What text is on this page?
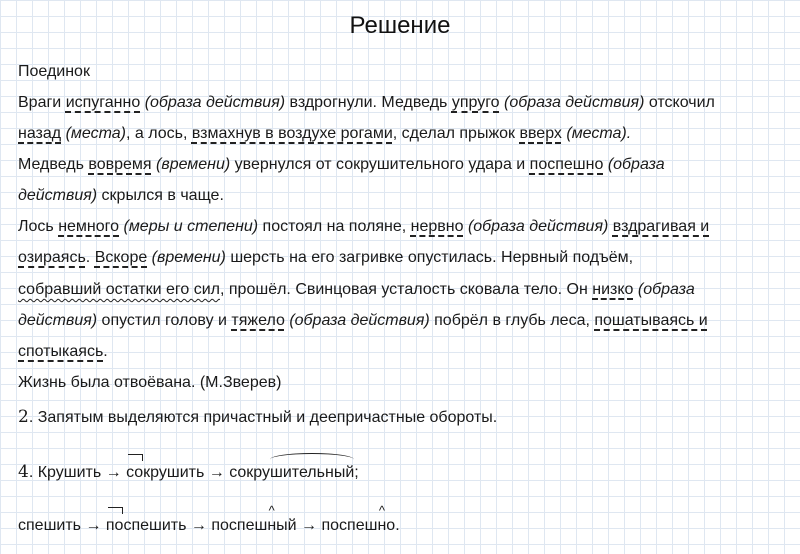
Решение
Поединок
Враги испуганно (образа действия) вздрогнули. Медведь упруго (образа действия) отскочил
назад (места), а лось, взмахнув в воздухе рогами, сделал прыжок вверх (места).
Медведь вовремя (времени) увернулся от сокрушительного удара и поспешно (образа
действия) скрылся в чаще.
Лось немного (меры и степени) постоял на поляне, нервно (образа действия) вздрагивая и
озираясь. Вскоре (времени) шерсть на его загривке опустилась. Нервный подъём,
собравший остатки его сил, прошёл. Свинцовая усталость сковала тело. Он низко (образа
действия) опустил голову и тяжело (образа действия) побрёл в глубь леса, пошатываясь и
спотыкаясь.
Жизнь была отвоёвана. (М.Зверев)
2. Запятым выделяются причастный и деепричастные обороты.
4. Крушить → сокрушить → сокрушительный;
спешить → поспешить → поспеш^ ный → поспеш^ но.
